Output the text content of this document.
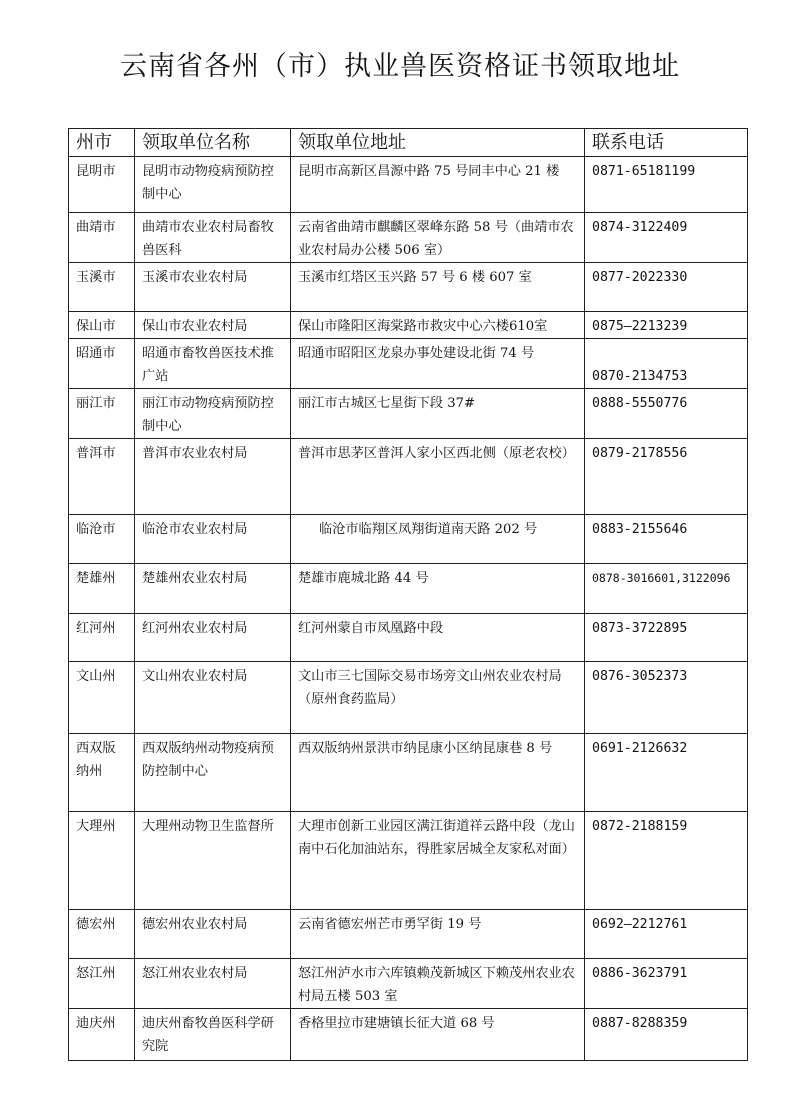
云南省各州（市）执业兽医资格证书领取地址
州市	领取单位名称	领取单位地址	联系电话
昆明市	昆明市动物疫病预防控制中心	昆明市高新区昌源中路 75 号同丰中心 21 楼	0871-65181199
曲靖市	曲靖市农业农村局畜牧兽医科	云南省曲靖市麒麟区翠峰东路 58 号（曲靖市农业农村局办公楼 506 室）	0874-3122409
玉溪市	玉溪市农业农村局	玉溪市红塔区玉兴路 57 号 6 楼 607 室	0877-2022330
保山市	保山市农业农村局	保山市隆阳区海棠路市救灾中心六楼610室	0875—2213239
昭通市	昭通市畜牧兽医技术推广站	昭通市昭阳区龙泉办事处建设北街 74 号	0870-2134753
丽江市	丽江市动物疫病预防控制中心	丽江市古城区七星街下段 37#	0888-5550776
普洱市	普洱市农业农村局	普洱市思茅区普洱人家小区西北侧（原老农校）	0879-2178556
临沧市	临沧市农业农村局	临沧市临翔区凤翔街道南天路 202 号	0883-2155646
楚雄州	楚雄州农业农村局	楚雄市鹿城北路 44 号	0878-3016601,3122096
红河州	红河州农业农村局	红河州蒙自市凤凰路中段	0873-3722895
文山州	文山州农业农村局	文山市三七国际交易市场旁文山州农业农村局（原州食药监局）	0876-3052373
西双版纳州	西双版纳州动物疫病预防控制中心	西双版纳州景洪市纳昆康小区纳昆康巷 8 号	0691-2126632
大理州	大理州动物卫生监督所	大理市创新工业园区满江街道祥云路中段（龙山南中石化加油站东，得胜家居城全友家私对面）	0872-2188159
德宏州	德宏州农业农村局	云南省德宏州芒市勇罕街 19 号	0692—2212761
怒江州	怒江州农业农村局	怒江州泸水市六库镇赖茂新城区下赖茂州农业农村局五楼 503 室	0886-3623791
迪庆州	迪庆州畜牧兽医科学研究院	香格里拉市建塘镇长征大道 68 号	0887-8288359
